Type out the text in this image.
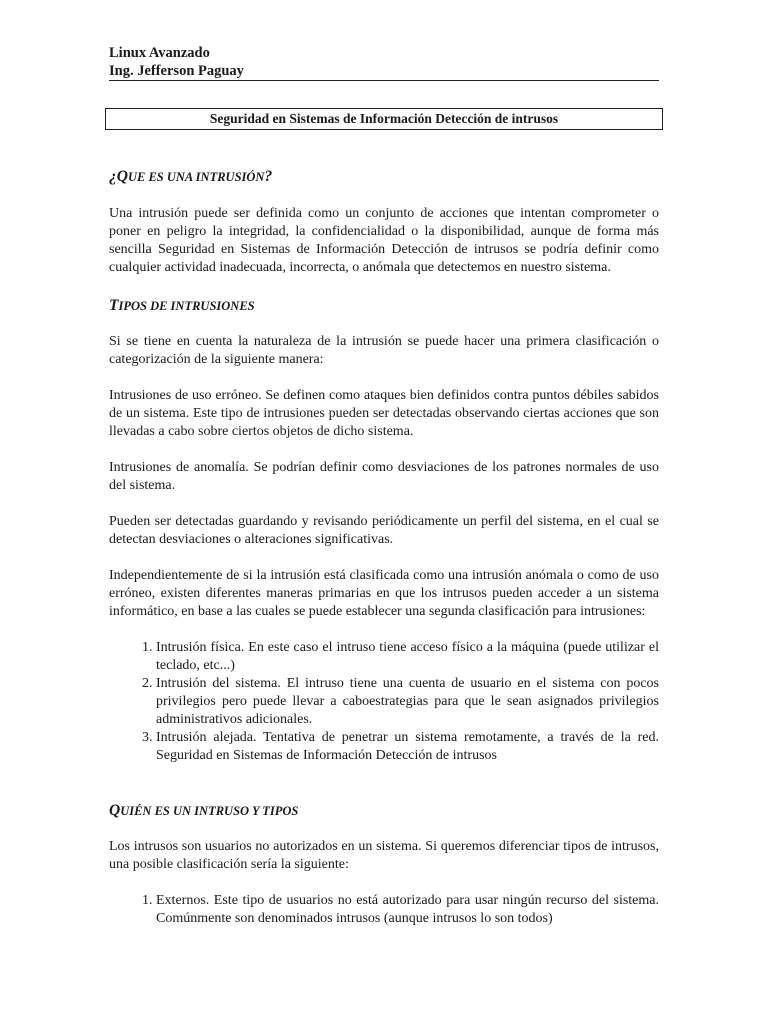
Linux Avanzado
Ing. Jefferson Paguay
Seguridad en Sistemas de Información Detección de intrusos
¿QUE ES UNA INTRUSIÓN?

Una intrusión puede ser definida como un conjunto de acciones que intentan comprometer o poner en peligro la integridad, la confidencialidad o la disponibilidad, aunque de forma más sencilla Seguridad en Sistemas de Información Detección de intrusos se podría definir como cualquier actividad inadecuada, incorrecta, o anómala que detectemos en nuestro sistema.

TIPOS DE INTRUSIONES

Si se tiene en cuenta la naturaleza de la intrusión se puede hacer una primera clasificación o categorización de la siguiente manera:

Intrusiones de uso erróneo. Se definen como ataques bien definidos contra puntos débiles sabidos de un sistema. Este tipo de intrusiones pueden ser detectadas observando ciertas acciones que son llevadas a cabo sobre ciertos objetos de dicho sistema.

Intrusiones de anomalía. Se podrían definir como desviaciones de los patrones normales de uso del sistema.

Pueden ser detectadas guardando y revisando periódicamente un perfil del sistema, en el cual se detectan desviaciones o alteraciones significativas.

Independientemente de si la intrusión está clasificada como una intrusión anómala o como de uso erróneo, existen diferentes maneras primarias en que los intrusos pueden acceder a un sistema informático, en base a las cuales se puede establecer una segunda clasificación para intrusiones:

1. Intrusión física. En este caso el intruso tiene acceso físico a la máquina (puede utilizar el teclado, etc...)
2. Intrusión del sistema. El intruso tiene una cuenta de usuario en el sistema con pocos privilegios pero puede llevar a caboestrategias para que le sean asignados privilegios administrativos adicionales.
3. Intrusión alejada. Tentativa de penetrar un sistema remotamente, a través de la red. Seguridad en Sistemas de Información Detección de intrusos
QUIÉN ES UN INTRUSO Y TIPOS

Los intrusos son usuarios no autorizados en un sistema. Si queremos diferenciar tipos de intrusos, una posible clasificación sería la siguiente:

1. Externos. Este tipo de usuarios no está autorizado para usar ningún recurso del sistema. Comúnmente son denominados intrusos (aunque intrusos lo son todos)
